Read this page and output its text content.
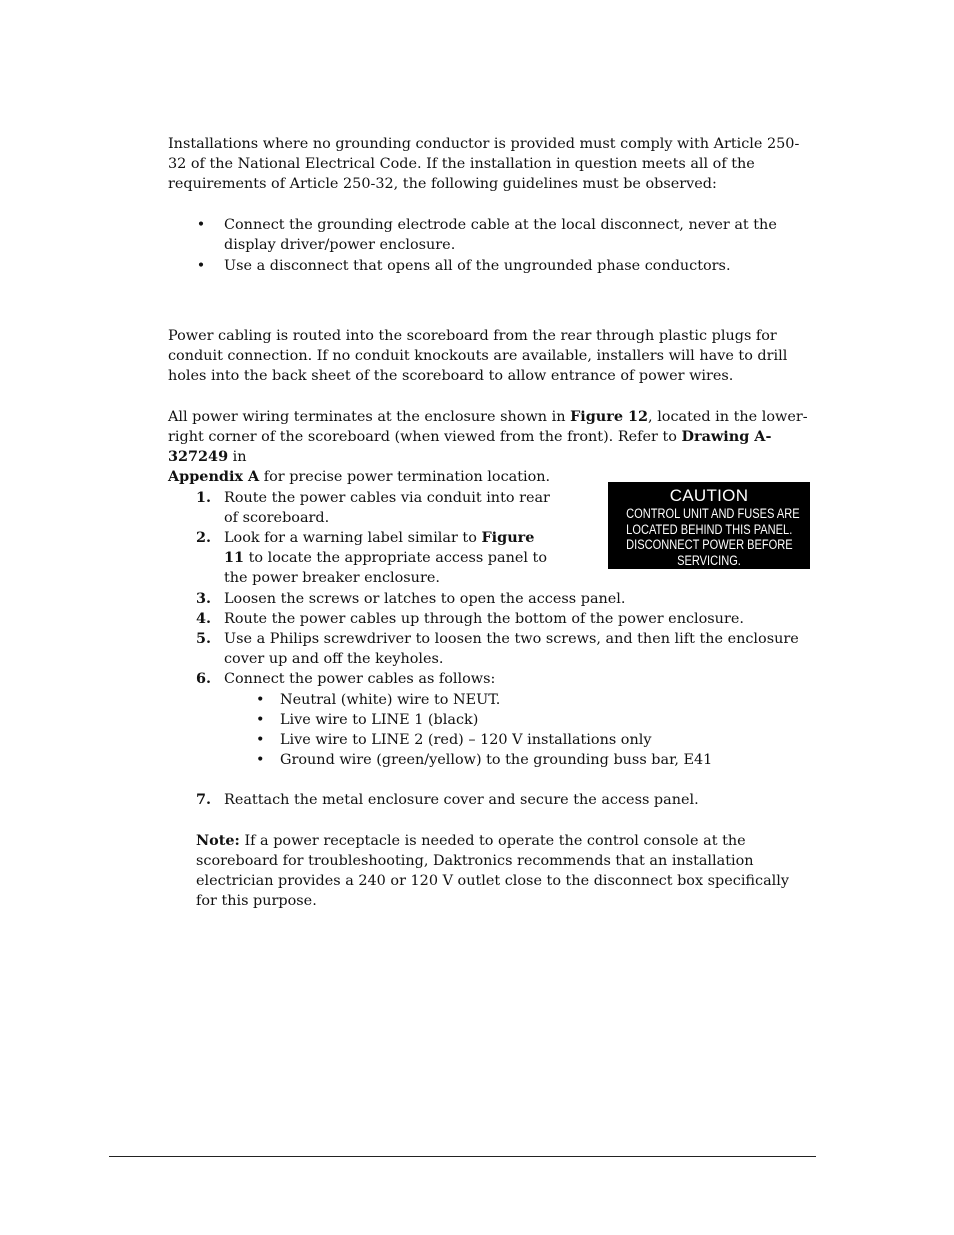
Installations where no grounding conductor is provided must comply with Article 250-32 of the National Electrical Code. If the installation in question meets all of the requirements of Article 250-32, the following guidelines must be observed:

• Connect the grounding electrode cable at the local disconnect, never at the display driver/power enclosure.
• Use a disconnect that opens all of the ungrounded phase conductors.

Power cabling is routed into the scoreboard from the rear through plastic plugs for conduit connection. If no conduit knockouts are available, installers will have to drill holes into the back sheet of the scoreboard to allow entrance of power wires.

All power wiring terminates at the enclosure shown in Figure 12, located in the lower-right corner of the scoreboard (when viewed from the front). Refer to Drawing A-327249 in
Appendix A for precise power termination location.

CAUTION
CONTROL UNIT AND FUSES ARE
LOCATED BEHIND THIS PANEL.
DISCONNECT POWER BEFORE
SERVICING.
1. Route the power cables via conduit into rear of scoreboard.
2. Look for a warning label similar to Figure 11 to locate the appropriate access panel to the power breaker enclosure.
3. Loosen the screws or latches to open the access panel.
4. Route the power cables up through the bottom of the power enclosure.
5. Use a Philips screwdriver to loosen the two screws, and then lift the enclosure cover up and off the keyholes.
6. Connect the power cables as follows:
• Neutral (white) wire to NEUT.
• Live wire to LINE 1 (black)
• Live wire to LINE 2 (red) – 120 V installations only
• Ground wire (green/yellow) to the grounding buss bar, E41
7. Reattach the metal enclosure cover and secure the access panel.

Note: If a power receptacle is needed to operate the control console at the scoreboard for troubleshooting, Daktronics recommends that an installation electrician provides a 240 or 120 V outlet close to the disconnect box specifically for this purpose.
